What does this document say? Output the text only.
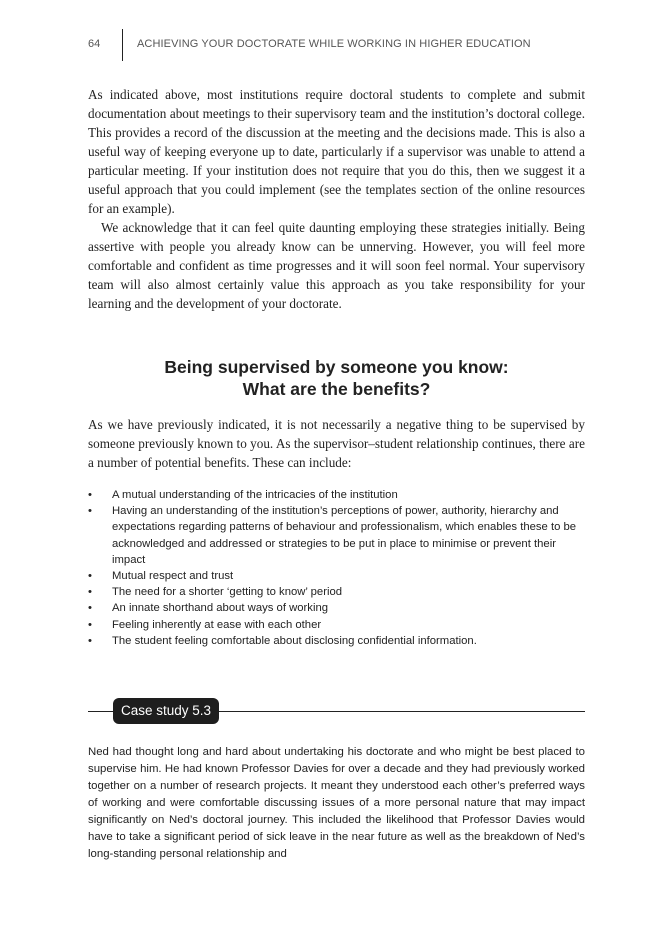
64	ACHIEVING YOUR DOCTORATE WHILE WORKING IN HIGHER EDUCATION

As indicated above, most institutions require doctoral students to complete and submit documentation about meetings to their supervisory team and the institution’s doctoral college. This provides a record of the discussion at the meeting and the decisions made. This is also a useful way of keeping everyone up to date, particularly if a supervisor was unable to attend a particular meeting. If your institution does not require that you do this, then we suggest it a useful approach that you could implement (see the templates section of the online resources for an example).

We acknowledge that it can feel quite daunting employing these strategies initially. Being assertive with people you already know can be unnerving. However, you will feel more comfortable and confident as time progresses and it will soon feel normal. Your supervisory team will also almost certainly value this approach as you take responsibility for your learning and the development of your doctorate.

Being supervised by someone you know:
What are the benefits?

As we have previously indicated, it is not necessarily a negative thing to be supervised by someone previously known to you. As the supervisor–student relationship continues, there are a number of potential benefits. These can include:

• A mutual understanding of the intricacies of the institution
• Having an understanding of the institution’s perceptions of power, authority, hierarchy and expectations regarding patterns of behaviour and professionalism, which enables these to be acknowledged and addressed or strategies to be put in place to minimise or prevent their impact
• Mutual respect and trust
• The need for a shorter ‘getting to know’ period
• An innate shorthand about ways of working
• Feeling inherently at ease with each other
• The student feeling comfortable about disclosing confidential information.
Case study 5.3

Ned had thought long and hard about undertaking his doctorate and who might be best placed to supervise him. He had known Professor Davies for over a decade and they had previously worked together on a number of research projects. It meant they understood each other’s preferred ways of working and were comfortable discussing issues of a more personal nature that may impact significantly on Ned’s doctoral journey. This included the likelihood that Professor Davies would have to take a significant period of sick leave in the near future as well as the breakdown of Ned’s long-standing personal relationship and
